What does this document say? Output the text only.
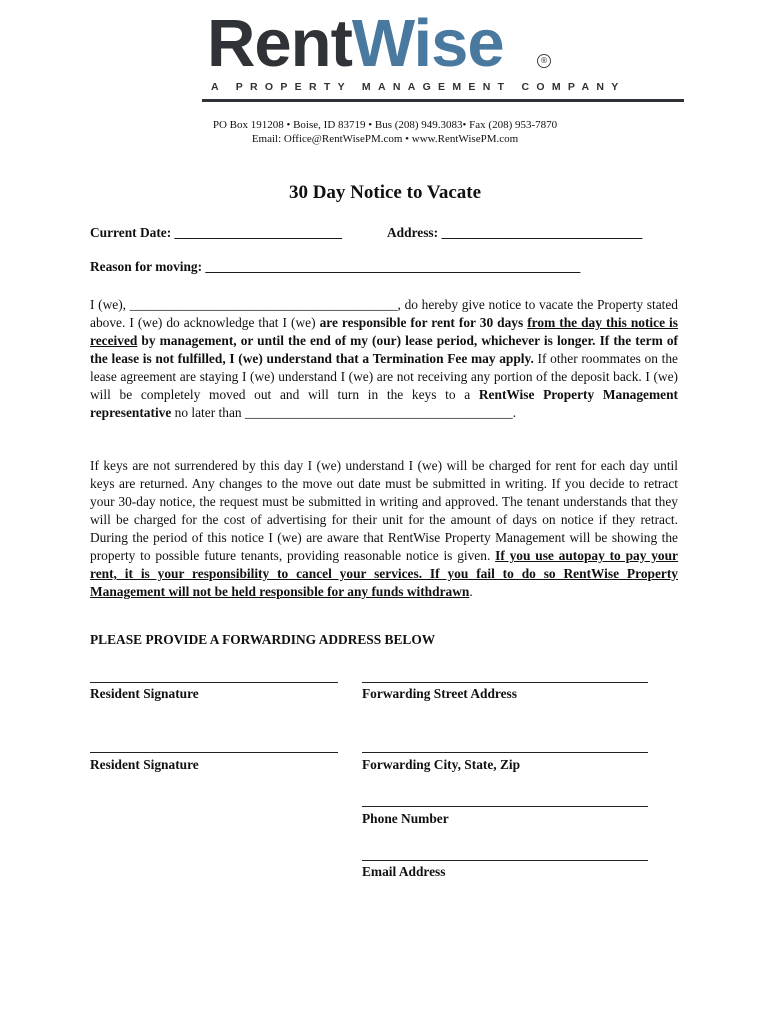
RentWise	®
A PROPERTY MANAGEMENT COMPANY
PO Box 191208 • Boise, ID 83719 • Bus (208) 949.3083• Fax (208) 953-7870
Email: Office@RentWisePM.com • www.RentWisePM.com
30 Day Notice to Vacate
Current Date: _________________________	Address: ______________________________
Reason for moving: ________________________________________________________
I (we), ________________________________________, do hereby give notice to vacate the Property stated above. I (we) do acknowledge that I (we) are responsible for rent for 30 days from the day this notice is received by management, or until the end of my (our) lease period, whichever is longer. If the term of the lease is not fulfilled, I (we) understand that a Termination Fee may apply. If other roommates on the lease agreement are staying I (we) understand I (we) are not receiving any portion of the deposit back. I (we) will be completely moved out and will turn in the keys to a RentWise Property Management representative no later than ________________________________________.
If keys are not surrendered by this day I (we) understand I (we) will be charged for rent for each day until keys are returned. Any changes to the move out date must be submitted in writing. If you decide to retract your 30-day notice, the request must be submitted in writing and approved. The tenant understands that they will be charged for the cost of advertising for their unit for the amount of days on notice if they retract. During the period of this notice I (we) are aware that RentWise Property Management will be showing the property to possible future tenants, providing reasonable notice is given. If you use autopay to pay your rent, it is your responsibility to cancel your services. If you fail to do so RentWise Property Management will not be held responsible for any funds withdrawn.
PLEASE PROVIDE A FORWARDING ADDRESS BELOW
Resident Signature	Forwarding Street Address
Resident Signature	Forwarding City, State, Zip
Phone Number
Email Address
